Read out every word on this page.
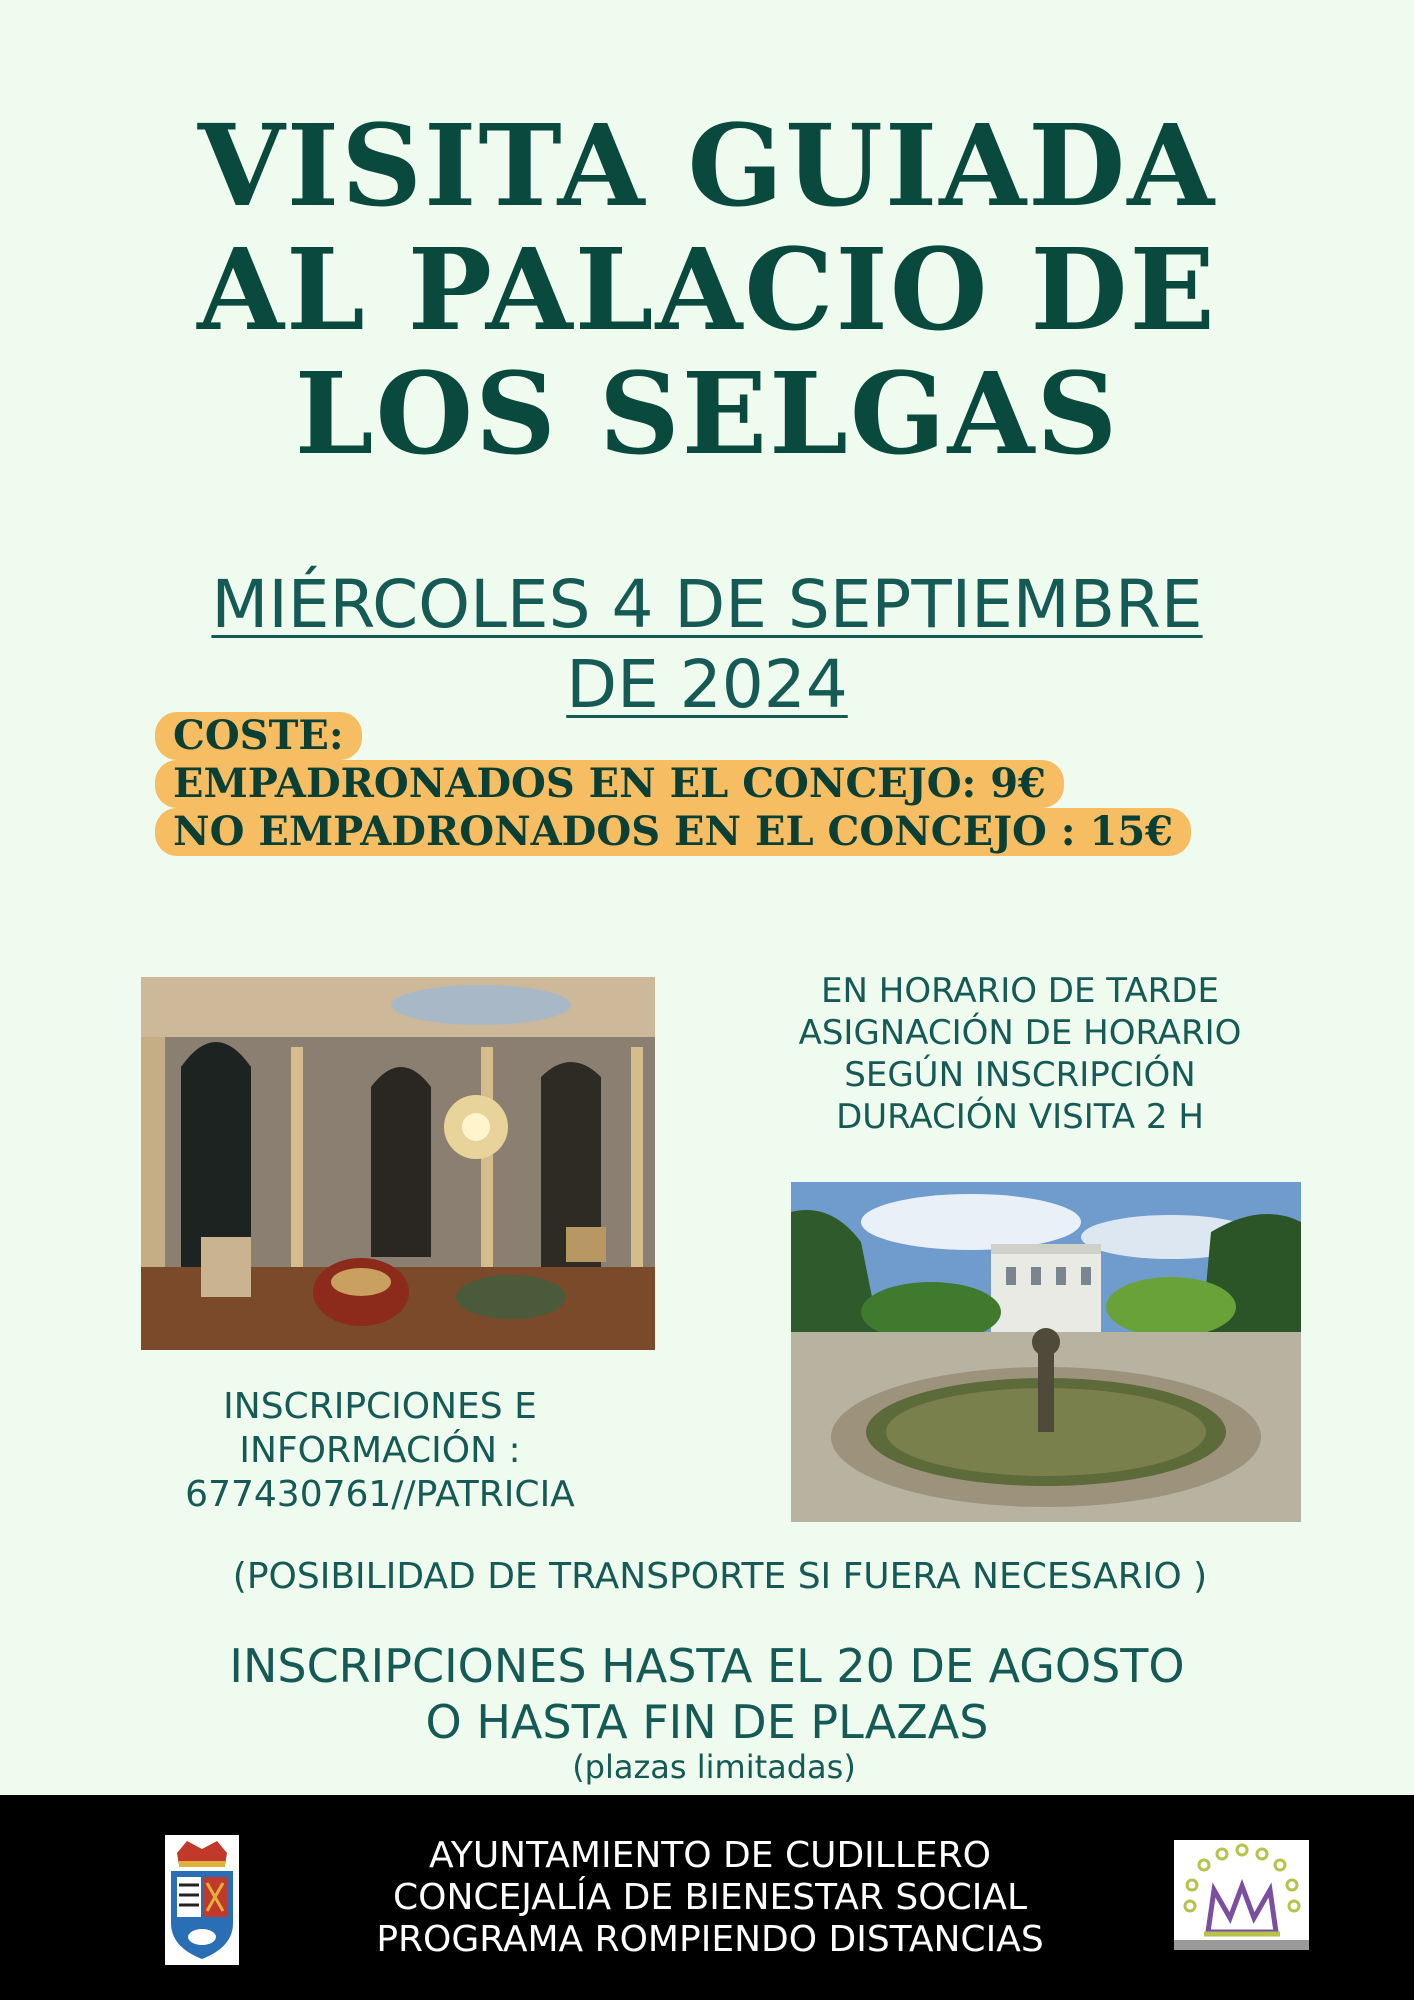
VISITA GUIADA
AL PALACIO DE
LOS SELGAS
MIÉRCOLES 4 DE SEPTIEMBRE
DE 2024
COSTE:
EMPADRONADOS EN EL CONCEJO: 9€
NO EMPADRONADOS EN EL CONCEJO : 15€
EN HORARIO DE TARDE
ASIGNACIÓN DE HORARIO
SEGÚN INSCRIPCIÓN
DURACIÓN VISITA 2 H
INSCRIPCIONES E
INFORMACIÓN :
677430761//PATRICIA
(POSIBILIDAD DE TRANSPORTE SI FUERA NECESARIO )
INSCRIPCIONES HASTA EL 20 DE AGOSTO
O HASTA FIN DE PLAZAS
(plazas limitadas)
AYUNTAMIENTO DE CUDILLERO
CONCEJALÍA DE BIENESTAR SOCIAL
PROGRAMA ROMPIENDO DISTANCIAS
